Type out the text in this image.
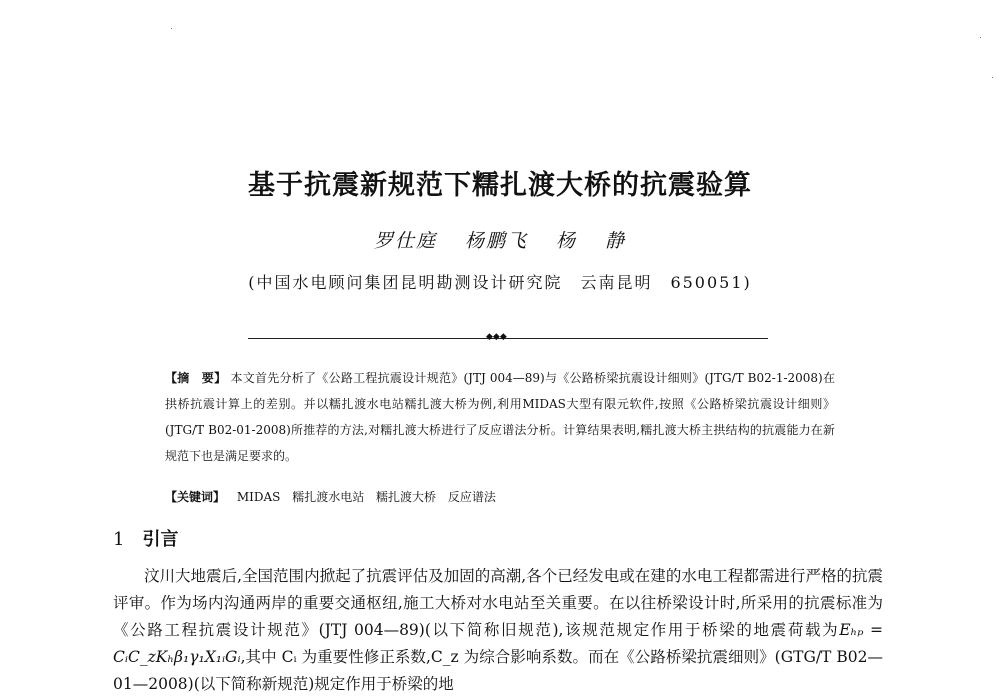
基于抗震新规范下糯扎渡大桥的抗震验算
罗仕庭 杨鹏飞 杨 静
(中国水电顾问集团昆明勘测设计研究院　云南昆明　650051)
◆◆◆
【摘　要】 本文首先分析了《公路工程抗震设计规范》(JTJ 004—89)与《公路桥梁抗震设计细则》(JTG/T B02-1-2008)在拱桥抗震计算上的差别。并以糯扎渡水电站糯扎渡大桥为例,利用MIDAS大型有限元软件,按照《公路桥梁抗震设计细则》(JTG/T B02-01-2008)所推荐的方法,对糯扎渡大桥进行了反应谱法分析。计算结果表明,糯扎渡大桥主拱结构的抗震能力在新规范下也是满足要求的。
【关键词】 MIDAS 糯扎渡水电站 糯扎渡大桥 反应谱法
1 引言
汶川大地震后,全国范围内掀起了抗震评估及加固的高潮,各个已经发电或在建的水电工程都需进行严格的抗震评审。作为场内沟通两岸的重要交通枢纽,施工大桥对水电站至关重要。在以往桥梁设计时,所采用的抗震标准为《公路工程抗震设计规范》(JTJ 004—89)(以下简称旧规范),该规范规定作用于桥梁的地震荷载为Eₕₚ = CᵢC_zKₕβ₁γ₁X₁ᵢGᵢ,其中 Cᵢ 为重要性修正系数,C_z 为综合影响系数。而在《公路桥梁抗震细则》(GTG/T B02—01—2008)(以下简称新规范)规定作用于桥梁的地
